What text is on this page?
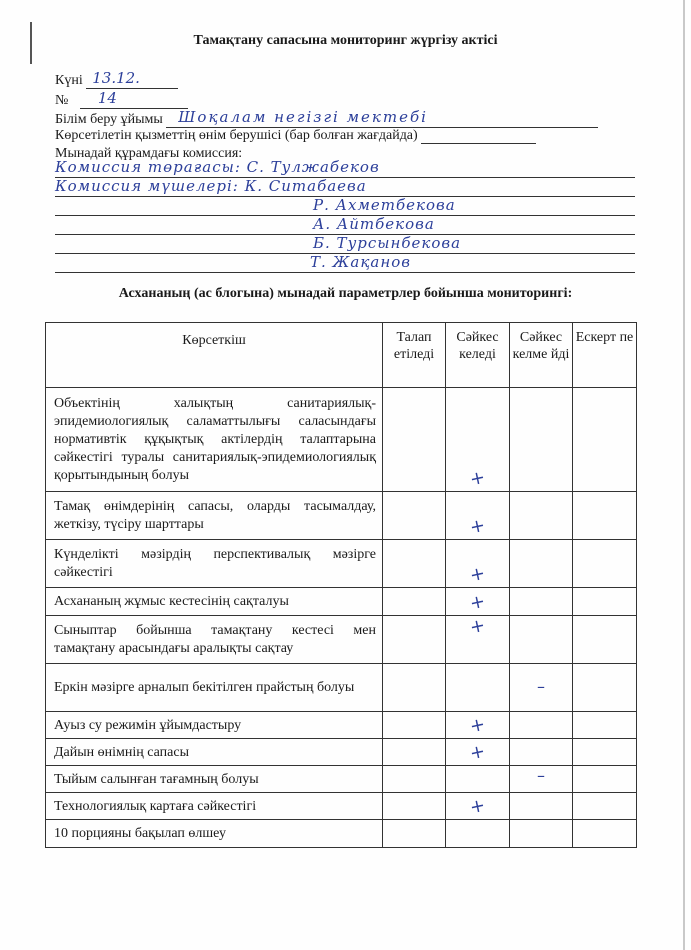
Тамақтану сапасына мониторинг жүргізу актісі
Күні 13.12.
№ 14
Білім беру ұйымы Шоқалам негізгі мектебі
Көрсетілетін қызметтің өнім берушісі (бар болған жағдайда)
Мынадай құрамдағы комиссия:
Комиссия төрағасы: С. Тулжабеков
Комиссия мүшелері: К. Ситабаева
Р. Ахметбекова
А. Айтбекова
Б. Турсынбекова
Т. Жақанов
Асхананың (ас блогына) мынадай параметрлер бойынша мониторингі:
Көрсеткіш	Талап етіледі	Сәйкес келеді	Сәйкес келме йді	Ескерт пе
Объектінің халықтың санитариялық-эпидемиологиялық саламаттылығы саласындағы нормативтік құқықтық актілердің талаптарына сәйкестігі туралы санитариялық-эпидемиологиялық қорытындының болуы		+		
Тамақ өнімдерінің сапасы, оларды тасымалдау, жеткізу, түсіру шарттары		+		
Күнделікті мәзірдің перспективалық мәзірге сәйкестігі		+		
Асхананың жұмыс кестесінің сақталуы		+		
Сыныптар бойынша тамақтану кестесі мен тамақтану арасындағы аралықты сақтау		+		
Еркін мәзірге арналып бекітілген прайстың болуы			–	
Ауыз су режимін ұйымдастыру		+		
Дайын өнімнің сапасы		+		
Тыйым салынған тағамның болуы			–	
Технологиялық картаға сәйкестігі		+		
10 порцияны бақылап өлшеу				
